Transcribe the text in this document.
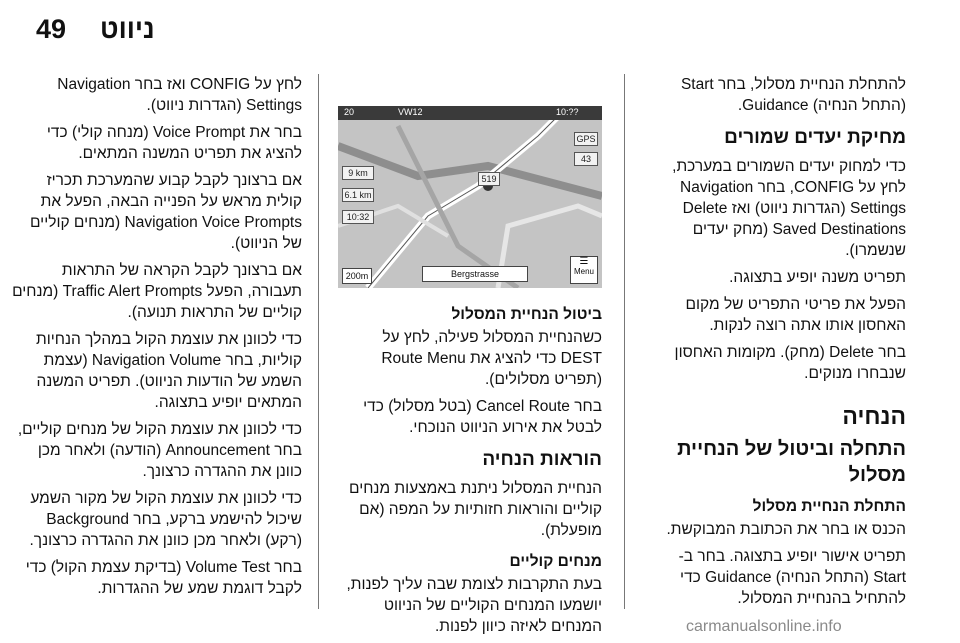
49 ניווט

להתחלת הנחיית מסלול, בחר Start (התחל הנחיה) Guidance.

מחיקת יעדים שמורים

כדי למחוק יעדים השמורים במערכת, לחץ על CONFIG, בחר Navigation Settings (הגדרות ניווט) ואז Delete Saved Destinations (מחק יעדים שנשמרו).

תפריט משנה יופיע בתצוגה.

הפעל את פריטי התפריט של מקום האחסון אותו אתה רוצה לנקות.

בחר Delete (מחק). מקומות האחסון שנבחרו מנוקים.

הנחיה
התחלה וביטול של הנחיית מסלול
התחלת הנחיית מסלול

הכנס או בחר את הכתובת המבוקשת.

תפריט אישור יופיע בתצוגה. בחר ב-Start (התחל הנחיה) Guidance כדי להתחיל בהנחיית המסלול.

20	VW12	10:??
9 km
6.1 km
10:32
519
GPS
43
200m	Bergstrasse
☰
Menu
ביטול הנחיית המסלול

כשהנחיית המסלול פעילה, לחץ על DEST כדי להציג את Route Menu (תפריט מסלולים).

בחר Cancel Route (בטל מסלול) כדי לבטל את אירוע הניווט הנוכחי.

הוראות הנחיה

הנחיית המסלול ניתנת באמצעות מנחים קוליים והוראות חזותיות על המפה (אם מופעלת).

מנחים קוליים

בעת התקרבות לצומת שבה עליך לפנות, יושמעו המנחים הקוליים של הניווט המנחים לאיזה כיוון לפנות.

לחץ על CONFIG ואז בחר Navigation Settings (הגדרות ניווט).

בחר את Voice Prompt (מנחה קולי) כדי להציג את תפריט המשנה המתאים.

אם ברצונך לקבל קבוע שהמערכת תכריז קולית מראש על הפנייה הבאה, הפעל את Navigation Voice Prompts (מנחים קוליים של הניווט).

אם ברצונך לקבל הקראה של התראות תעבורה, הפעל Traffic Alert Prompts (מנחים קוליים של התראות תנועה).

כדי לכוונן את עוצמת הקול במהלך הנחיות קוליות, בחר Navigation Volume (עצמת השמע של הודעות הניווט). תפריט המשנה המתאים יופיע בתצוגה.

כדי לכוונן את עוצמת הקול של מנחים קוליים, בחר Announcement (הודעה) ולאחר מכן כוונן את ההגדרה כרצונך.

כדי לכוונן את עוצמת הקול של מקור השמע שיכול להישמע ברקע, בחר Background (רקע) ולאחר מכן כוונן את ההגדרה כרצונך.

בחר Volume Test (בדיקת עצמת הקול) כדי לקבל דוגמת שמע של ההגדרות.

carmanualsonline.info
